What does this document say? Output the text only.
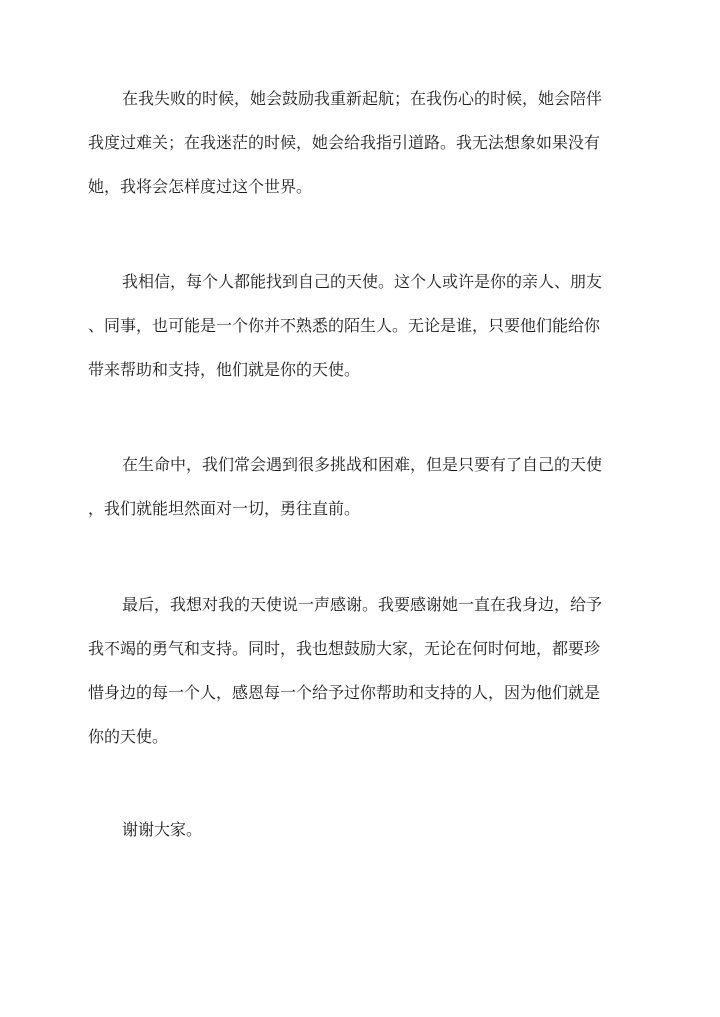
在我失败的时候，她会鼓励我重新起航；在我伤心的时候，她会陪伴
我度过难关；在我迷茫的时候，她会给我指引道路。我无法想象如果没有
她，我将会怎样度过这个世界。

我相信，每个人都能找到自己的天使。这个人或许是你的亲人、朋友
、同事，也可能是一个你并不熟悉的陌生人。无论是谁，只要他们能给你
带来帮助和支持，他们就是你的天使。

在生命中，我们常会遇到很多挑战和困难，但是只要有了自己的天使
，我们就能坦然面对一切，勇往直前。

最后，我想对我的天使说一声感谢。我要感谢她一直在我身边，给予
我不竭的勇气和支持。同时，我也想鼓励大家，无论在何时何地，都要珍
惜身边的每一个人，感恩每一个给予过你帮助和支持的人，因为他们就是
你的天使。

谢谢大家。
